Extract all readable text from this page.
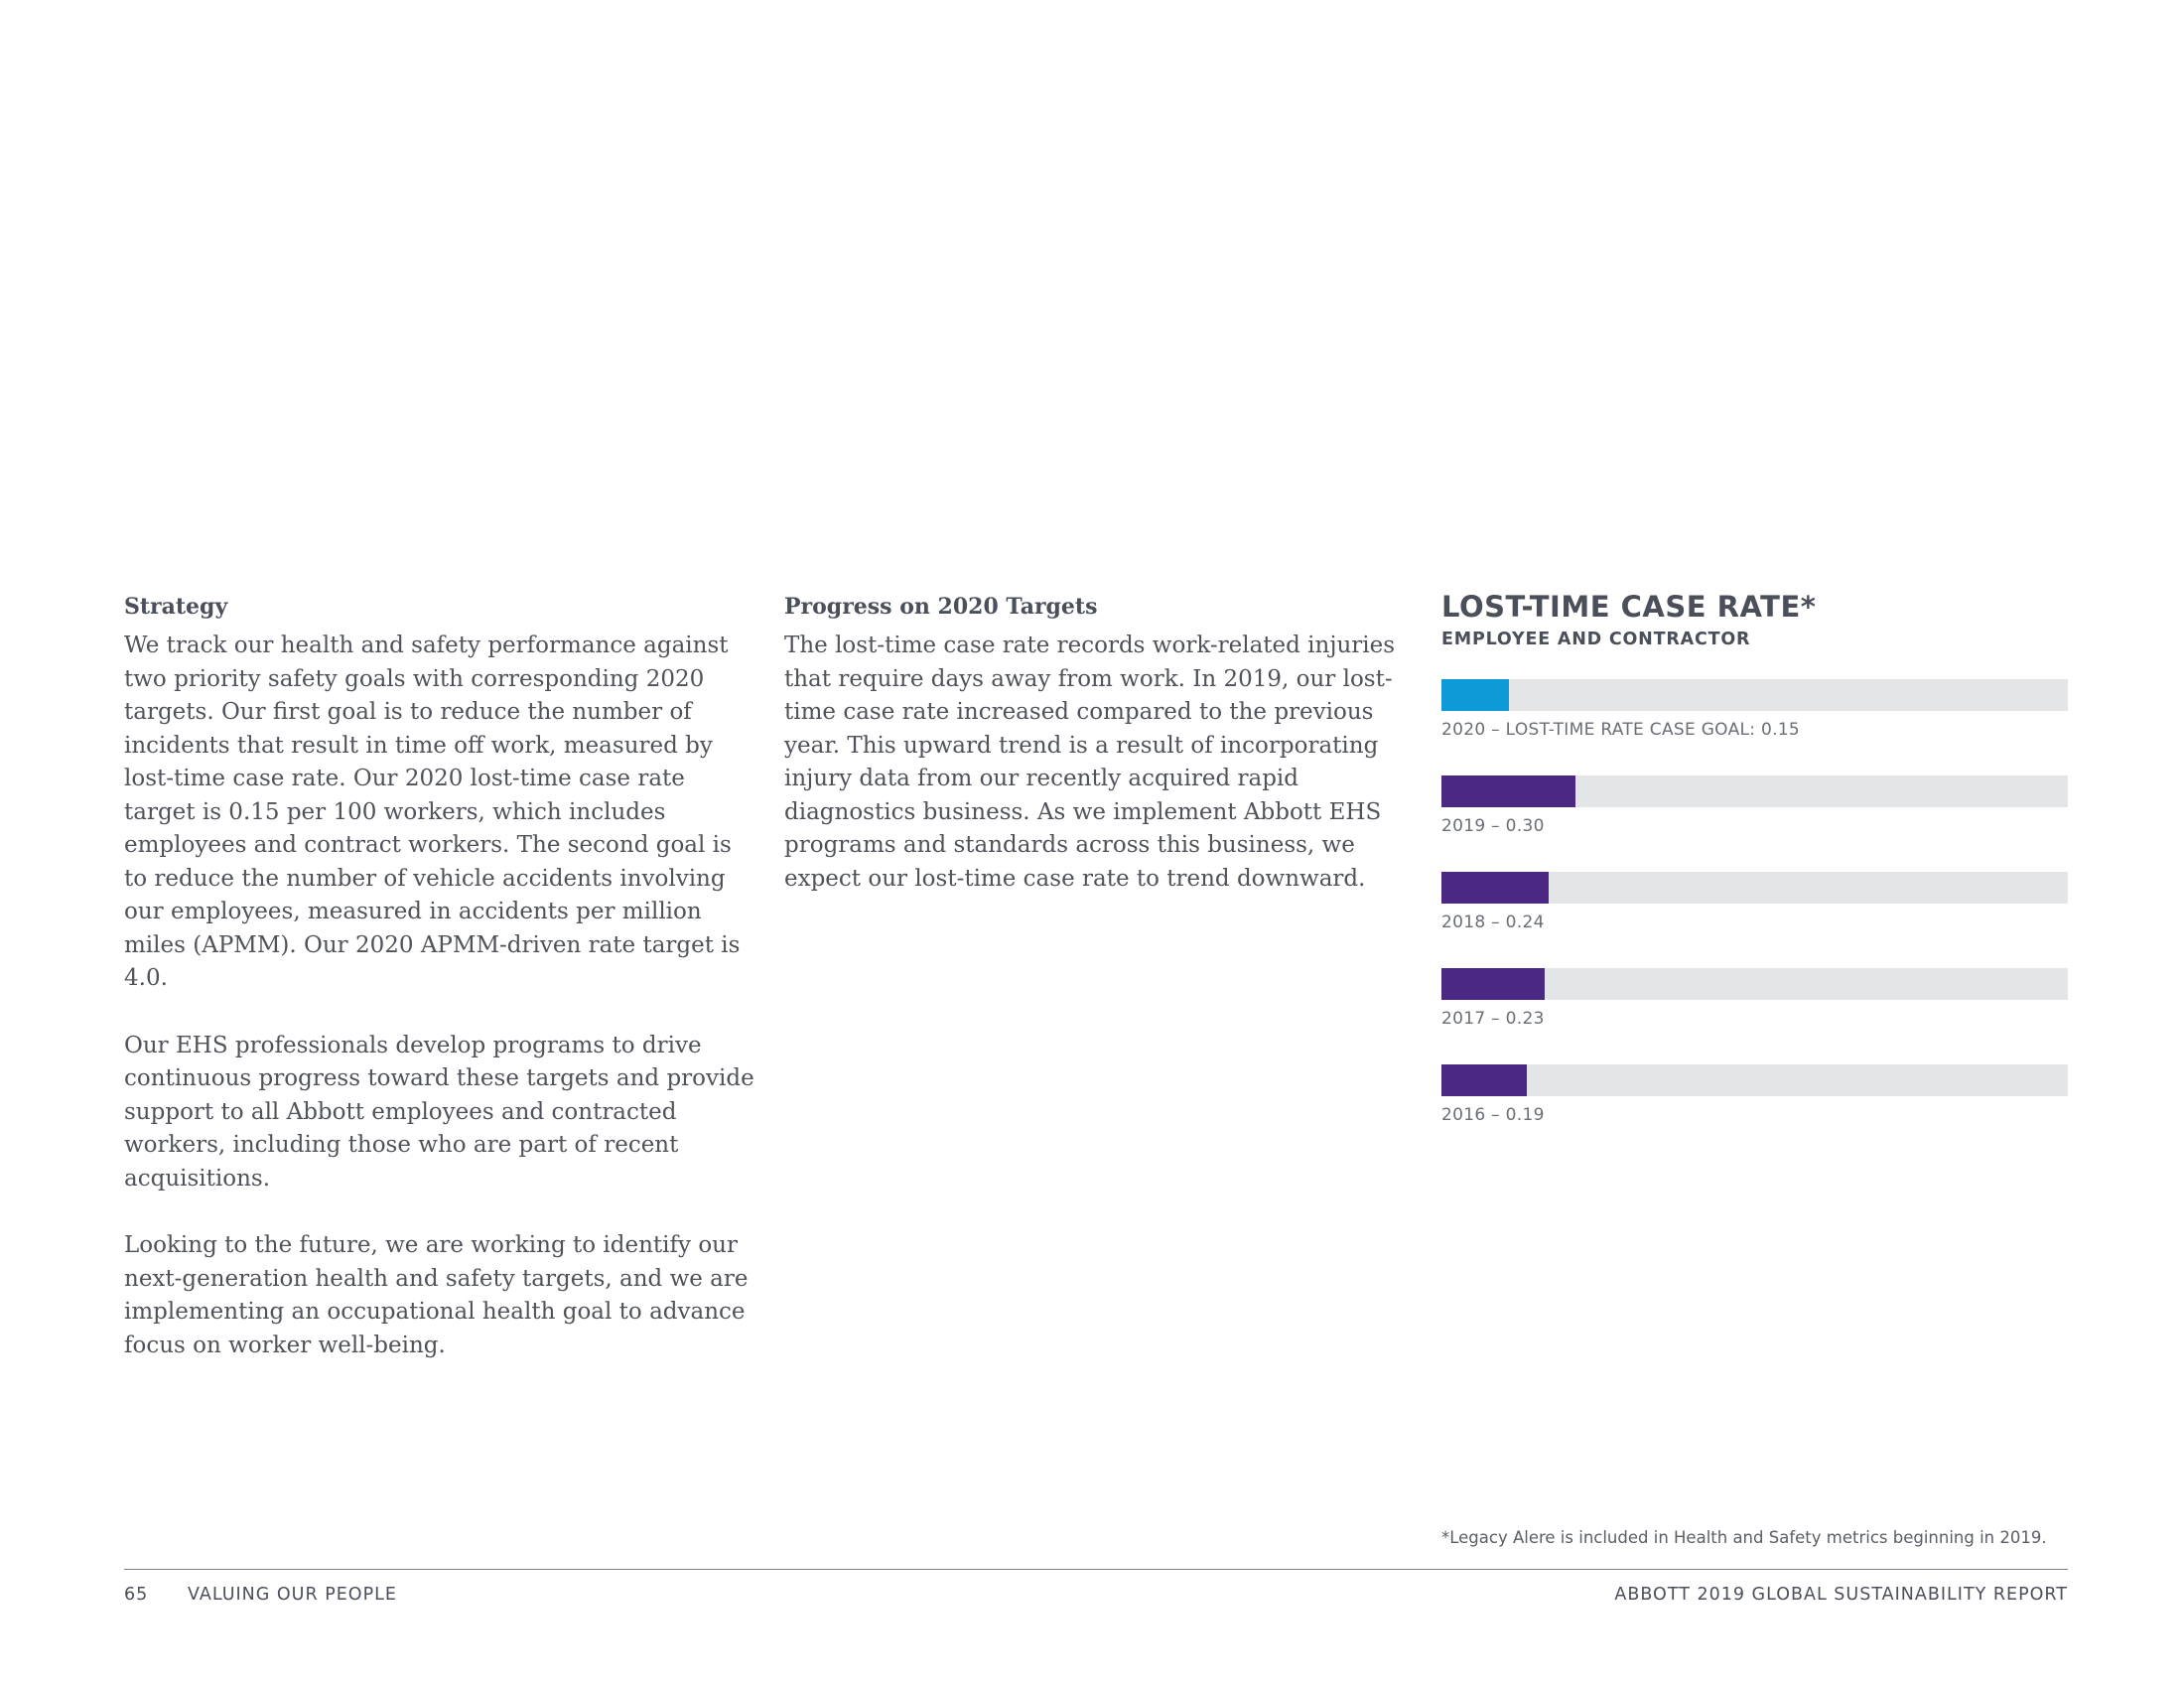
Strategy

We track our health and safety performance against two priority safety goals with corresponding 2020 targets. Our first goal is to reduce the number of incidents that result in time off work, measured by lost-time case rate. Our 2020 lost-time case rate target is 0.15 per 100 workers, which includes employees and contract workers. The second goal is to reduce the number of vehicle accidents involving our employees, measured in accidents per million miles (APMM). Our 2020 APMM-driven rate target is 4.0.

Our EHS professionals develop programs to drive continuous progress toward these targets and provide support to all Abbott employees and contracted workers, including those who are part of recent acquisitions.

Looking to the future, we are working to identify our next-generation health and safety targets, and we are implementing an occupational health goal to advance focus on worker well-being.

Progress on 2020 Targets

The lost-time case rate records work-related injuries that require days away from work. In 2019, our lost-time case rate increased compared to the previous year. This upward trend is a result of incorporating injury data from our recently acquired rapid diagnostics business. As we implement Abbott EHS programs and standards across this business, we expect our lost-time case rate to trend downward.

LOST-TIME CASE RATE*
EMPLOYEE AND CONTRACTOR
2020 – LOST-TIME RATE CASE GOAL: 0.15
2019 – 0.30
2018 – 0.24
2017 – 0.23
2016 – 0.19
*Legacy Alere is included in Health and Safety metrics beginning in 2019.
65 VALUING OUR PEOPLE	ABBOTT 2019 GLOBAL SUSTAINABILITY REPORT
